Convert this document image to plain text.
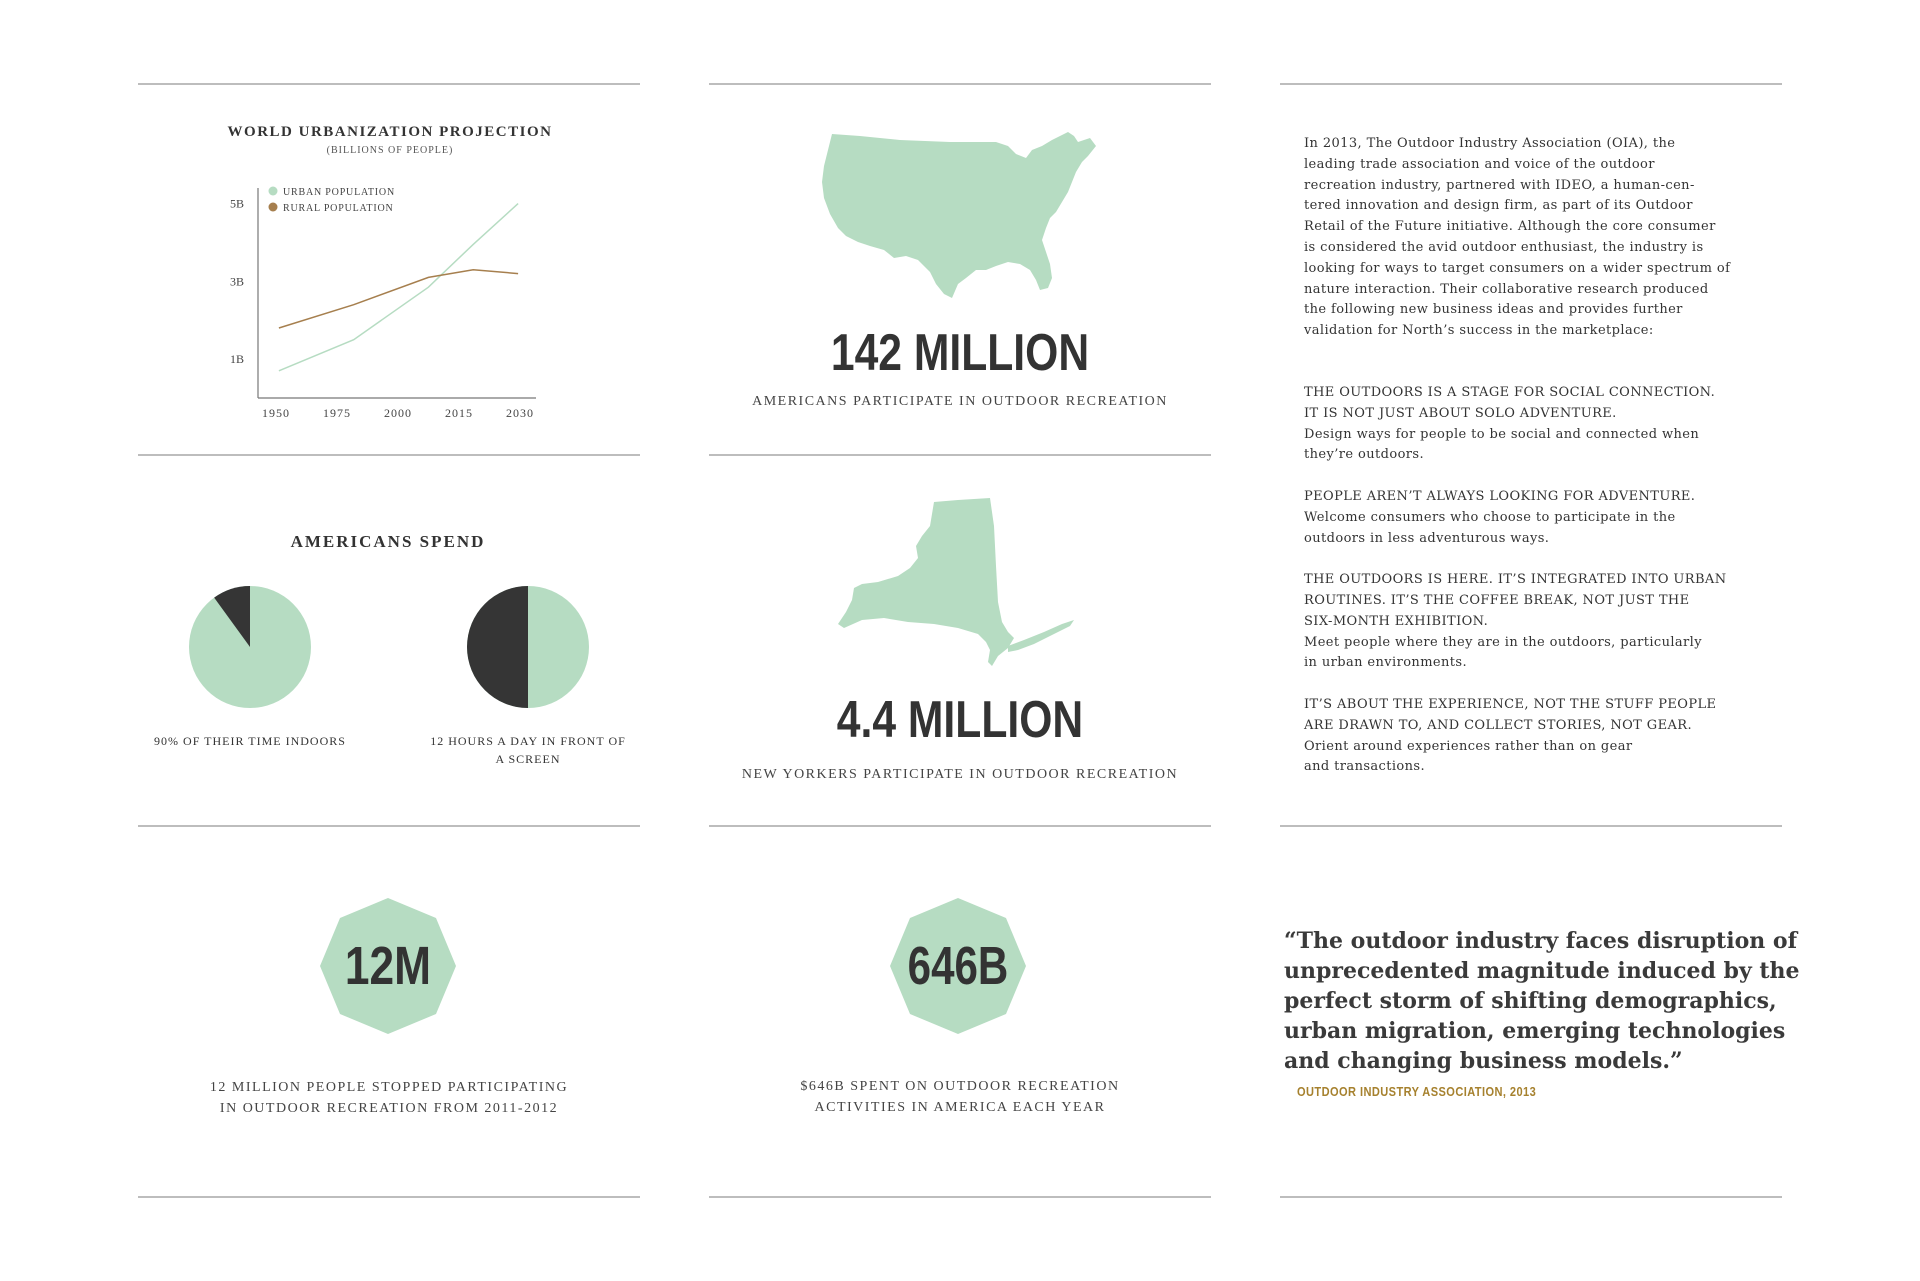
WORLD URBANIZATION PROJECTION
(BILLIONS OF PEOPLE)
5B
3B
1B
1950	1975	2000	2015	2030
URBAN POPULATION
RURAL POPULATION
AMERICANS SPEND
90% OF THEIR TIME INDOORS	12 HOURS A DAY IN FRONT OF A SCREEN
142 MILLION
AMERICANS PARTICIPATE IN OUTDOOR RECREATION
4.4 MILLION
NEW YORKERS PARTICIPATE IN OUTDOOR RECREATION
12M
12 MILLION PEOPLE STOPPED PARTICIPATING
IN OUTDOOR RECREATION FROM 2011-2012
646B
$646B SPENT ON OUTDOOR RECREATION
ACTIVITIES IN AMERICA EACH YEAR

In 2013, The Outdoor Industry Association (OIA), the
leading trade association and voice of the outdoor
recreation industry, partnered with IDEO, a human-cen-
tered innovation and design firm, as part of its Outdoor
Retail of the Future initiative. Although the core consumer
is considered the avid outdoor enthusiast, the industry is
looking for ways to target consumers on a wider spectrum of
nature interaction. Their collaborative research produced
the following new business ideas and provides further
validation for North’s success in the marketplace:

THE OUTDOORS IS A STAGE FOR SOCIAL CONNECTION.
IT IS NOT JUST ABOUT SOLO ADVENTURE.

Design ways for people to be social and connected when
they’re outdoors.

PEOPLE AREN’T ALWAYS LOOKING FOR ADVENTURE.

Welcome consumers who choose to participate in the
outdoors in less adventurous ways.

THE OUTDOORS IS HERE. IT’S INTEGRATED INTO URBAN
ROUTINES. IT’S THE COFFEE BREAK, NOT JUST THE
SIX-MONTH EXHIBITION.

Meet people where they are in the outdoors, particularly
in urban environments.

IT’S ABOUT THE EXPERIENCE, NOT THE STUFF PEOPLE
ARE DRAWN TO, AND COLLECT STORIES, NOT GEAR.

Orient around experiences rather than on gear
and transactions.

“The outdoor industry faces disruption of
unprecedented magnitude induced by the
perfect storm of shifting demographics,
urban migration, emerging technologies
and changing business models.”
OUTDOOR INDUSTRY ASSOCIATION, 2013
